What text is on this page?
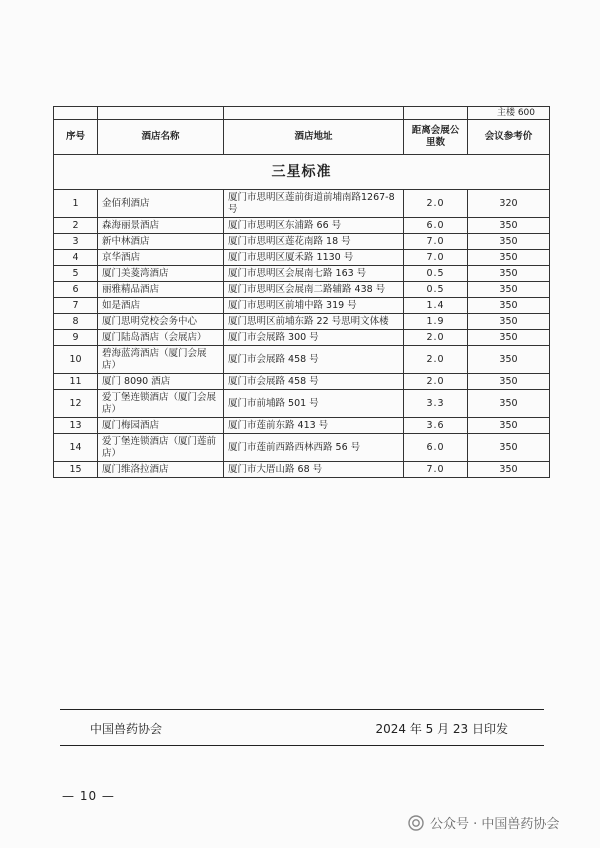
				主楼 600
序号	酒店名称	酒店地址	距离会展公里数	会议参考价
三星标准				
1	金佰利酒店	厦门市思明区莲前街道前埔南路1267-8号	2.0	320
2	森海丽景酒店	厦门市思明区东浦路 66 号	6.0	350
3	新中林酒店	厦门市思明区莲花南路 18 号	7.0	350
4	京华酒店	厦门市思明区厦禾路 1130 号	7.0	350
5	厦门美菱湾酒店	厦门市思明区会展南七路 163 号	0.5	350
6	丽雅精品酒店	厦门市思明区会展南二路辅路 438 号	0.5	350
7	如是酒店	厦门市思明区前埔中路 319 号	1.4	350
8	厦门思明党校会务中心	厦门思明区前埔东路 22 号思明文体楼	1.9	350
9	厦门陆岛酒店（会展店）	厦门市会展路 300 号	2.0	350
10	碧海蓝湾酒店（厦门会展店）	厦门市会展路 458 号	2.0	350
11	厦门 8090 酒店	厦门市会展路 458 号	2.0	350
12	爱丁堡连锁酒店（厦门会展店）	厦门市前埔路 501 号	3.3	350
13	厦门梅园酒店	厦门市莲前东路 413 号	3.6	350
14	爱丁堡连锁酒店（厦门莲前店）	厦门市莲前西路西林西路 56 号	6.0	350
15	厦门维洛拉酒店	厦门市大厝山路 68 号	7.0	350
中国兽药协会	2024 年 5 月 23 日印发
— 10 —
公众号 · 中国兽药协会
